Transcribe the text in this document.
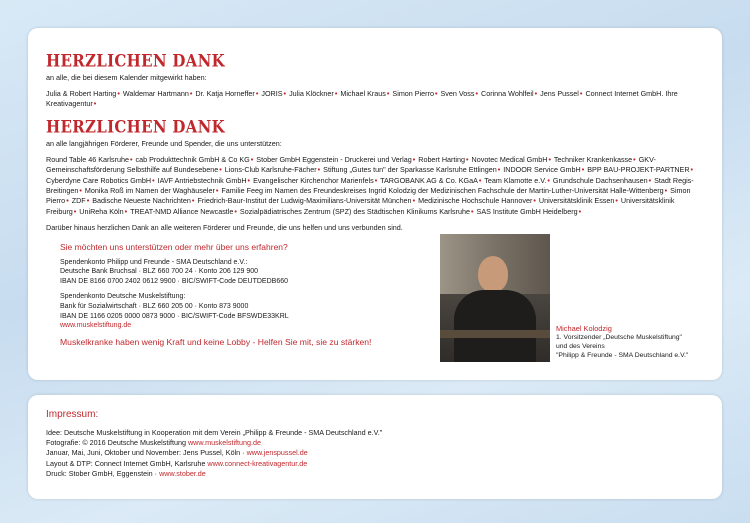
HERZLICHEN DANK
an alle, die bei diesem Kalender mitgewirkt haben:
Julia & Robert Harting• Waldemar Hartmann• Dr. Katja Horneffer• JORIS• Julia Klöckner• Michael Kraus• Simon Pierro• Sven Voss• Corinna Wohlfeil• Jens Pussel• Connect Internet GmbH. Ihre Kreativagentur•
HERZLICHEN DANK
an alle langjährigen Förderer, Freunde und Spender, die uns unterstützen:
Round Table 46 Karlsruhe• cab Produkttechnik GmbH & Co KG• Stober GmbH Eggenstein - Druckerei und Verlag• Robert Harting• Novotec Medical GmbH• Techniker Krankenkasse• GKV-Gemeinschaftsförderung Selbsthilfe auf Bundesebene• Lions-Club Karlsruhe-Fächer• Stiftung „Gutes tun" der Sparkasse Karlsruhe Ettlingen• INDOOR Service GmbH• BPP BAU-PROJEKT-PARTNER• Cyberdyne Care Robotics GmbH• IAVF Antriebstechnik GmbH• Evangelischer Kirchenchor Marienfels• TARGOBANK AG & Co. KGaA• Team Klamotte e.V.• Grundschule Dachsenhausen• Stadt Regis-Breitingen• Monika Roß im Namen der Waghäuseler• Familie Feeg im Namen des Freundeskreises Ingrid Kolodzig der Medizinischen Fachschule der Martin-Luther-Universität Halle-Wittenberg• Simon Pierro• ZDF• Badische Neueste Nachrichten• Friedrich-Baur-Institut der Ludwig-Maximilians-Universität München• Medizinische Hochschule Hannover• Universitätsklinik Essen• Universitätsklinik Freiburg• UniReha Köln• TREAT-NMD Alliance Newcastle• Sozialpädiatrisches Zentrum (SPZ) des Städtischen Klinikums Karlsruhe• SAS Institute GmbH Heidelberg•
Darüber hinaus herzlichen Dank an alle weiteren Förderer und Freunde, die uns helfen und uns verbunden sind.
Sie möchten uns unterstützen oder mehr über uns erfahren?
Spendenkonto Philipp und Freunde - SMA Deutschland e.V.:
Deutsche Bank Bruchsal · BLZ 660 700 24 · Konto 206 129 900
IBAN DE 8166 0700 2402 0612 9900 · BIC/SWIFT-Code DEUTDEDB660
Spendenkonto Deutsche Muskelstiftung:
Bank für Sozialwirtschaft · BLZ 660 205 00 · Konto 873 9000
IBAN DE 1166 0205 0000 0873 9000 · BIC/SWIFT-Code BFSWDE33KRL
www.muskelstiftung.de
Muskelkranke haben wenig Kraft und keine Lobby - Helfen Sie mit, sie zu stärken!
Michael Kolodzig
1. Vorsitzender „Deutsche Muskelstiftung"
und des Vereins
"Philipp & Freunde - SMA Deutschland e.V."
Impressum:
Idee: Deutsche Muskelstiftung in Kooperation mit dem Verein „Philipp & Freunde - SMA Deutschland e.V."
Fotografie: © 2016 Deutsche Muskelstiftung www.muskelstiftung.de
Januar, Mai, Juni, Oktober und November: Jens Pussel, Köln · www.jenspussel.de
Layout & DTP: Connect Internet GmbH, Karlsruhe www.connect-kreativagentur.de
Druck: Stober GmbH, Eggenstein · www.stober.de
